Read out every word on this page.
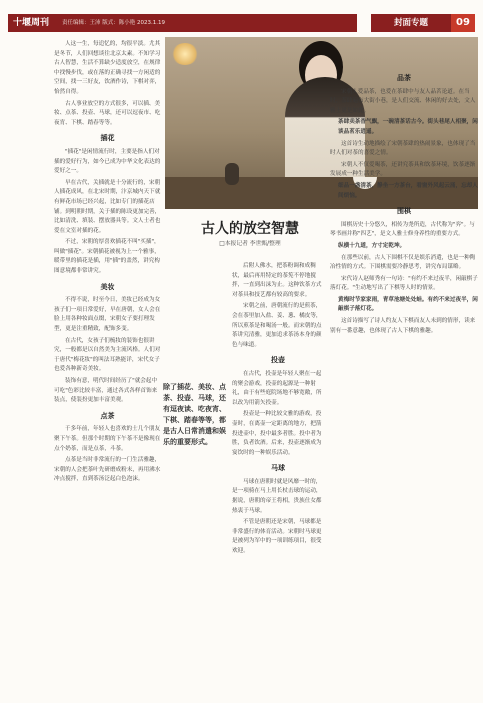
十堰周刊	责任编辑：王沛 版式：陈小艳 2023.1.19	封面专题	09

人这一生，每追忆的，均很平淡。尤其是冬节，人们回想谈往北京太素。不知学习古人智慧，生活不算缺少适度放空，在规律中找慢步伐，或在落的正确寻找一方闲适的空间，找一三好友，饮酒作诗，下棋对弈，怡然自得。

古人事业放空的方式很多，可以插、美妆、点茶、投壶、马球，还可以逗夜市、吃夜宵、下棋、踏春等等。

插花

"插花"是闲情流行时，主要是指人们对插的爱好行为，如今已成为中华文化表达的爱好之一。

早在古代，关插就是十分流行的，宋朝人插花成风，在北宋时期，汴京城内天下就有鲜花市场已经兴起，比如专门的插花店铺。到明朝时期，关于插的陈设更加完善，比如清洗、填装、摆放器具等。文人士者也爱在文室对插的花。

不过，宋朝的厚喜欢插花不叫"买插"，叫做"插花"。宋朝插花被视为上一个雅事，暖带里的插花是插，用"插"的盖然，讲究构图意境都非常讲究。

美妆

不得不说，时至今日，美妆已经成为女孩子们一项日常爱好，早在唐朝，女人会在脸上用各种妆面点缀，宋朝女子要打理发型，更是注重精致，配饰多变。

在古代，女孩子们梳妆的装饰也很讲究，一般都是以自然美为主流风格。人们对于唐代"梅花妆"的叫法耳熟能详，宋代女子也爱各种新奇美妆。

装饰有意，明代时间经历了"就会起中可吃"色彩比较丰富，通过各式各样首饰来装点，使装扮更加丰富美观。

点茶

千多年前，年轻人也喜欢的士几个朋友聚下午茶。但那个时期的下午茶不是像现在点个奶茶，而是点茶，斗茶。

点茶是当时非常流行的一门生活雅趣，宋朝的人会把茶叶先研磨成粉末，再用沸水冲点搅拌，直到茶汤泛起白色泡沫。

古人的放空智慧
□本报记者 李世甄/整理

后附人佛水，把茶粉调和成稠状，最后再用特定的茶筅不停地搅拌，一直到出沫为止。这种饮茶方式对茶具和技艺都有较高的要求。

宋朝之前，唐朝流行的是煎茶，会在茶里加入盐、姜、葱、橘皮等，所以煎茶是和喝汤一般。而宋朝的点茶讲究清雅，更加追求茶汤本身的颜色与味道。

投壶

在古代，投壶是年轻人聚在一起的聚会游戏，投壶的起源是一种射礼，由于有些庭院场地不够宽敞，所以改为用箭矢投壶。

投壶是一种比较文雅的游戏，投壶时，在离壶一定距离的地方，把箭投进壶中，投中最多者胜。投中者为胜，负者饮酒。后来，投壶逐渐成为宴饮时的一种娱乐活动。

马球

马球在唐朝时就是风靡一时的，是一项骑在马上用长杖击球的运动，据说，唐朝的帝王将相，贵族仕女都热衷于马球。

不管是唐朝还是宋朝，马球都是非常盛行的体育活动。宋朝时马球更是被列为军中的一项训练项目，很受欢迎。

除了插花、美妆、点茶、投壶、马球，还有逗夜读、吃夜宵、下棋、踏春等等，都是古人日常消遣和娱乐的重要形式。
品茶

宋朝人爱品茶，也爱在茶肆中与友人品茗论道。在当时，茶肆遍布大街小巷，是人们交流、休闲的好去处，文人雅士更是如此。

茶肆卖茶香气飘，一碗清茶话古今。街头巷尾人相聚，闲谈品茗乐逍遥。

这首诗生动地描绘了宋朝茶肆的热闹景象，也体现了当时人们对茶的喜爱之情。

宋朝人不仅爱喝茶，还讲究茶具和饮茶环境，饮茶逐渐发展成一种生活美学。

细品一盏清茶，静坐一方茶台，看窗外风起云涌，忘却人间烦恼。

围棋

围棋历史十分悠久，相传为尧所造，古代称为"弈"。与琴书画并称"四艺"，是文人雅士修身养性的重要方式。

纵横十九道，方寸定乾坤。

在那些以前，古人下围棋不仅是娱乐消遣，也是一种陶冶性情的方式。下围棋需要冷静思考，讲究布局谋略。

宋代诗人赵师秀有一句诗："有约不来过夜半，闲敲棋子落灯花。"生动地写出了下棋等人时的情景。

黄梅时节家家雨，青草池塘处处蛙。有约不来过夜半，闲敲棋子落灯花。

这首诗描写了诗人约友人下棋而友人未到的情形，读来别有一番意趣，也体现了古人下棋的雅趣。
